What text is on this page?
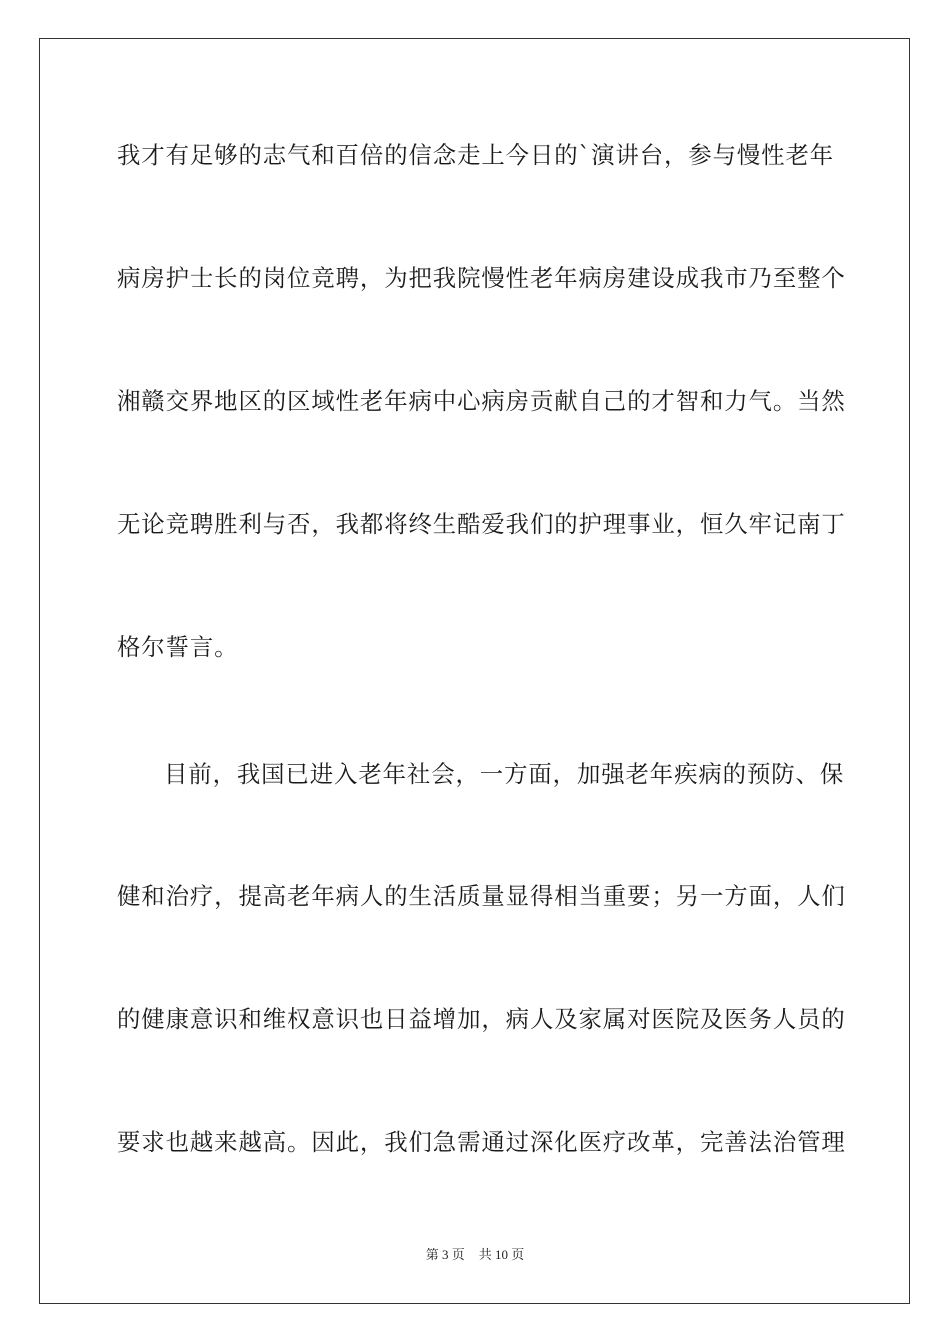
我才有足够的志气和百倍的信念走上今日的`演讲台，参与慢性老年
病房护士长的岗位竞聘，为把我院慢性老年病房建设成我市乃至整个
湘赣交界地区的区域性老年病中心病房贡献自己的才智和力气。当然
无论竞聘胜利与否，我都将终生酷爱我们的护理事业，恒久牢记南丁
格尔誓言。
目前，我国已进入老年社会，一方面，加强老年疾病的预防、保
健和治疗，提高老年病人的生活质量显得相当重要；另一方面，人们
的健康意识和维权意识也日益增加，病人及家属对医院及医务人员的
要求也越来越高。因此，我们急需通过深化医疗改革，完善法治管理
第 3 页 共 10 页
